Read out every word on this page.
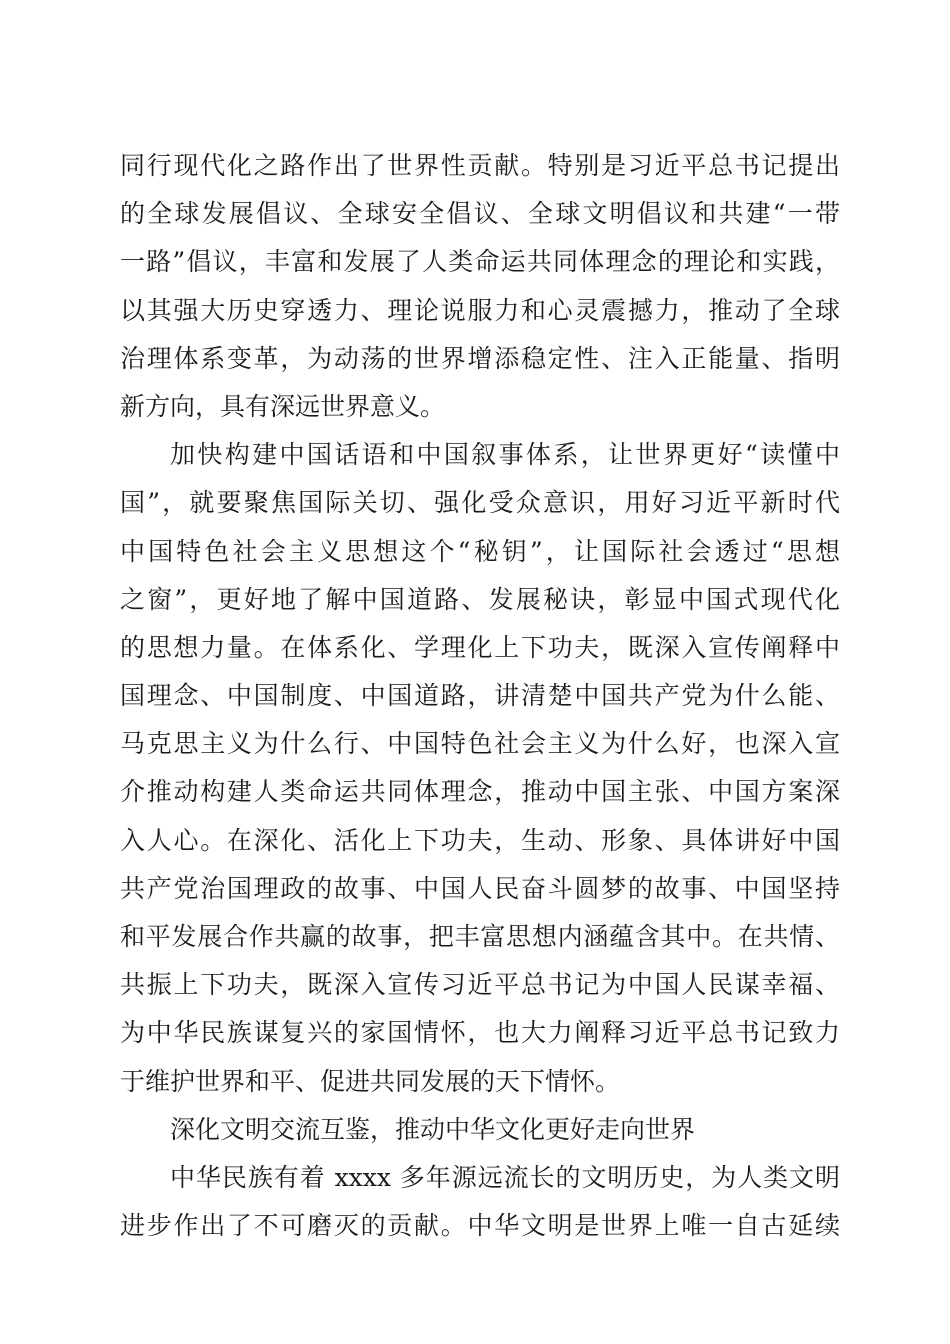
同行现代化之路作出了世界性贡献。特别是习近平总书记提出
的全球发展倡议、全球安全倡议、全球文明倡议和共建“一带
一路”倡议，丰富和发展了人类命运共同体理念的理论和实践，
以其强大历史穿透力、理论说服力和心灵震撼力，推动了全球
治理体系变革，为动荡的世界增添稳定性、注入正能量、指明
新方向，具有深远世界意义。
加快构建中国话语和中国叙事体系，让世界更好“读懂中
国”，就要聚焦国际关切、强化受众意识，用好习近平新时代
中国特色社会主义思想这个“秘钥”，让国际社会透过“思想
之窗”，更好地了解中国道路、发展秘诀，彰显中国式现代化
的思想力量。在体系化、学理化上下功夫，既深入宣传阐释中
国理念、中国制度、中国道路，讲清楚中国共产党为什么能、
马克思主义为什么行、中国特色社会主义为什么好，也深入宣
介推动构建人类命运共同体理念，推动中国主张、中国方案深
入人心。在深化、活化上下功夫，生动、形象、具体讲好中国
共产党治国理政的故事、中国人民奋斗圆梦的故事、中国坚持
和平发展合作共赢的故事，把丰富思想内涵蕴含其中。在共情、
共振上下功夫，既深入宣传习近平总书记为中国人民谋幸福、
为中华民族谋复兴的家国情怀，也大力阐释习近平总书记致力
于维护世界和平、促进共同发展的天下情怀。
深化文明交流互鉴，推动中华文化更好走向世界
中华民族有着 xxxx 多年源远流长的文明历史，为人类文明
进步作出了不可磨灭的贡献。中华文明是世界上唯一自古延续
